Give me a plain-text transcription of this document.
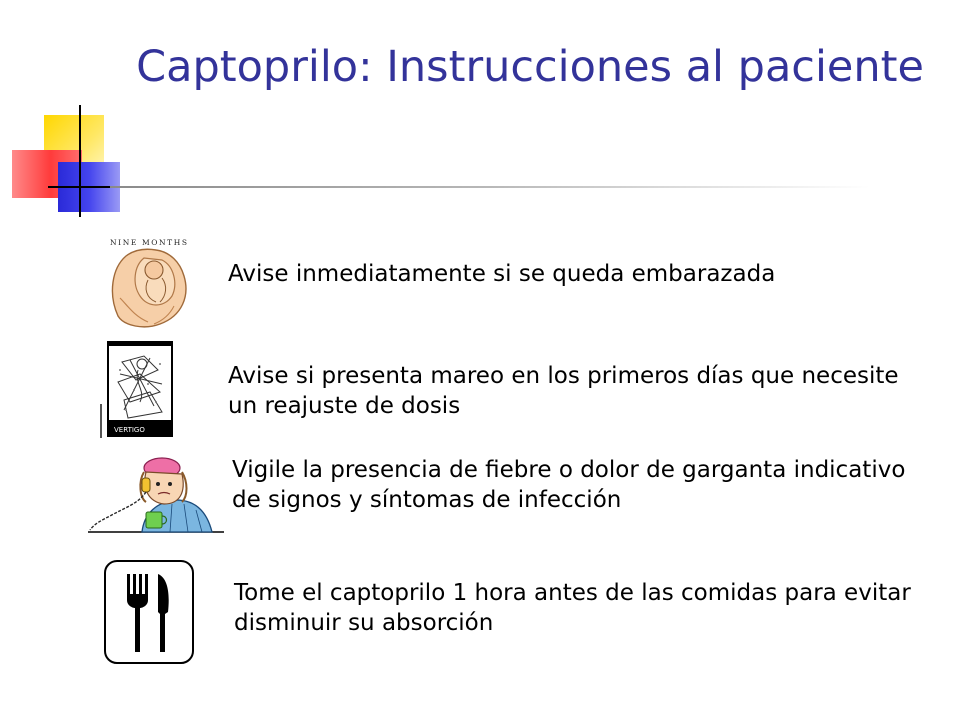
Captoprilo: Instrucciones al paciente
NINE MONTHS
Avise inmediatamente si se queda embarazada
VERTIGO
Avise si presenta mareo en los primeros días que necesite un reajuste de dosis
Vigile la presencia de fiebre o dolor de garganta indicativo de signos y síntomas de infección
Tome el captoprilo 1 hora antes de las comidas para evitar disminuir su absorción
